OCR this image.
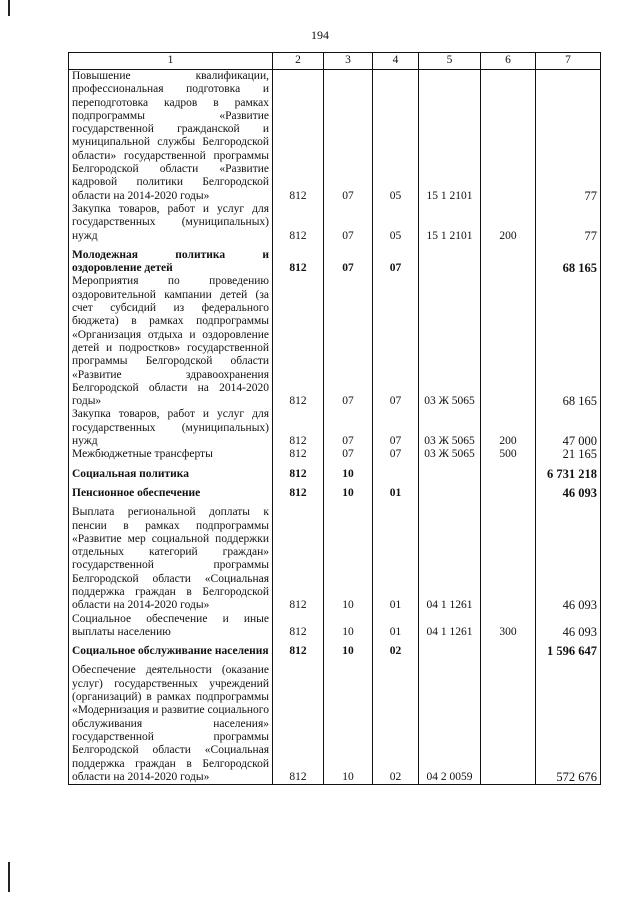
194
1	2	3	4	5	6	7
Повышение квалификации, профессиональная подготовка и переподготовка кадров в рамках подпрограммы «Развитие государственной гражданской и муниципальной службы Белгородской области» государственной программы Белгородской области «Развитие кадровой политики Белгородской области на 2014-2020 годы»	812	07	05	15 1 2101		77
Закупка товаров, работ и услуг для государственных (муниципальных) нужд	812	07	05	15 1 2101	200	77
Молодежная политика и оздоровление детей	812	07	07			68 165
Мероприятия по проведению оздоровительной кампании детей (за счет субсидий из федерального бюджета) в рамках подпрограммы «Организация отдыха и оздоровление детей и подростков» государственной программы Белгородской области «Развитие здравоохранения Белгородской области на 2014-2020 годы»	812	07	07	03 Ж 5065		68 165
Закупка товаров, работ и услуг для государственных (муниципальных) нужд	812	07	07	03 Ж 5065	200	47 000
Межбюджетные трансферты	812	07	07	03 Ж 5065	500	21 165
Социальная политика	812	10				6 731 218
Пенсионное обеспечение	812	10	01			46 093
Выплата региональной доплаты к пенсии в рамках подпрограммы «Развитие мер социальной поддержки отдельных категорий граждан» государственной программы Белгородской области «Социальная поддержка граждан в Белгородской области на 2014-2020 годы»	812	10	01	04 1 1261		46 093
Социальное обеспечение и иные выплаты населению	812	10	01	04 1 1261	300	46 093
Социальное обслуживание населения	812	10	02			1 596 647
Обеспечение деятельности (оказание услуг) государственных учреждений (организаций) в рамках подпрограммы «Модернизация и развитие социального обслуживания населения» государственной программы Белгородской области «Социальная поддержка граждан в Белгородской области на 2014-2020 годы»	812	10	02	04 2 0059		572 676
